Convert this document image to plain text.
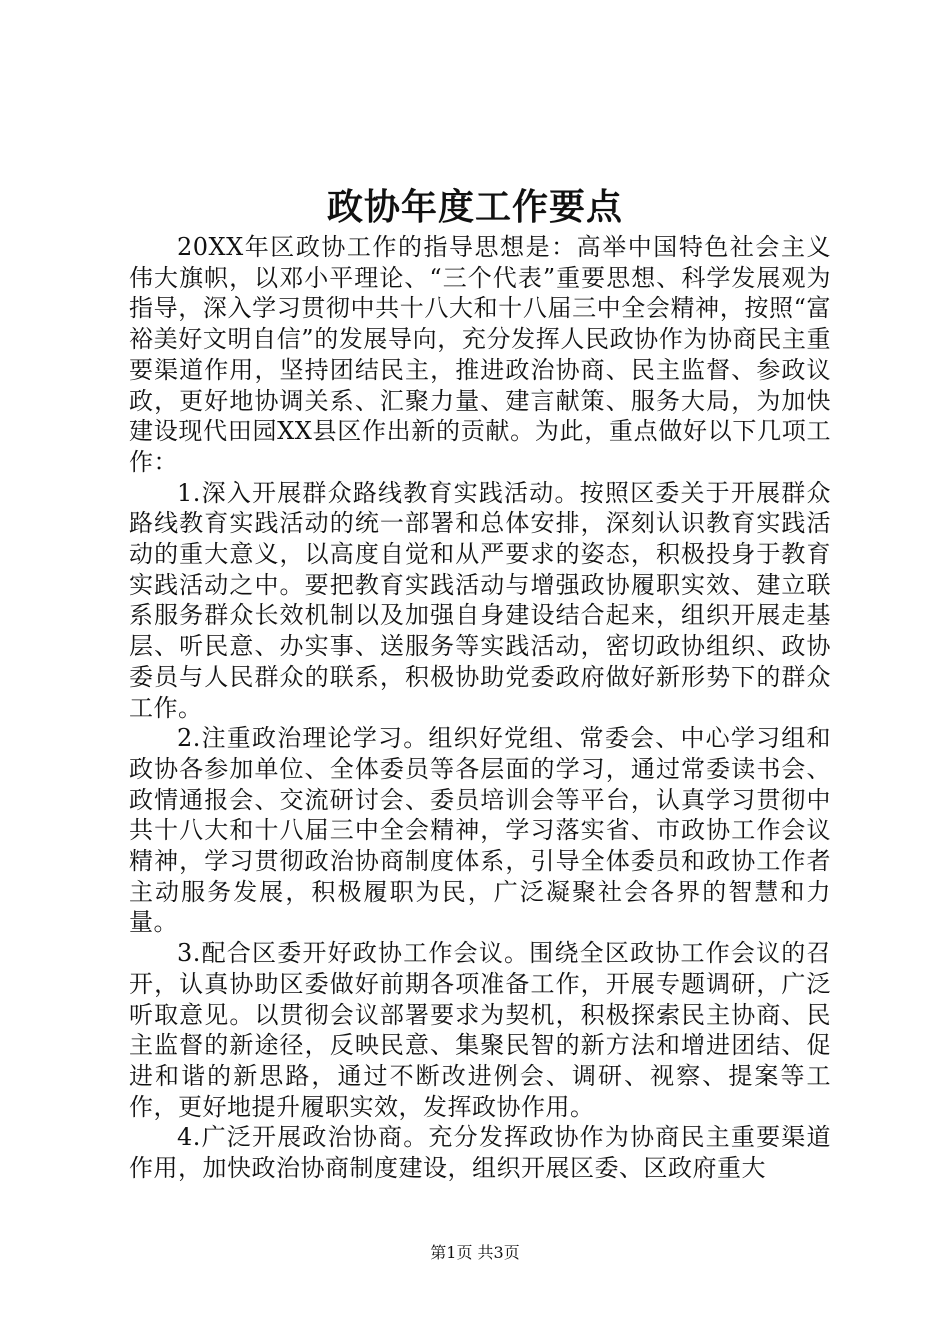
政协年度工作要点

20XX年区政协工作的指导思想是：高举中国特色社会主义伟大旗帜，以邓小平理论、“三个代表”重要思想、科学发展观为指导，深入学习贯彻中共十八大和十八届三中全会精神，按照“富裕美好文明自信”的发展导向，充分发挥人民政协作为协商民主重要渠道作用，坚持团结民主，推进政治协商、民主监督、参政议政，更好地协调关系、汇聚力量、建言献策、服务大局，为加快建设现代田园XX县区作出新的贡献。为此，重点做好以下几项工作：

1.深入开展群众路线教育实践活动。按照区委关于开展群众路线教育实践活动的统一部署和总体安排，深刻认识教育实践活动的重大意义，以高度自觉和从严要求的姿态，积极投身于教育实践活动之中。要把教育实践活动与增强政协履职实效、建立联系服务群众长效机制以及加强自身建设结合起来，组织开展走基层、听民意、办实事、送服务等实践活动，密切政协组织、政协委员与人民群众的联系，积极协助党委政府做好新形势下的群众工作。

2.注重政治理论学习。组织好党组、常委会、中心学习组和政协各参加单位、全体委员等各层面的学习，通过常委读书会、政情通报会、交流研讨会、委员培训会等平台，认真学习贯彻中共十八大和十八届三中全会精神，学习落实省、市政协工作会议精神，学习贯彻政治协商制度体系，引导全体委员和政协工作者主动服务发展，积极履职为民，广泛凝聚社会各界的智慧和力量。

3.配合区委开好政协工作会议。围绕全区政协工作会议的召开，认真协助区委做好前期各项准备工作，开展专题调研，广泛听取意见。以贯彻会议部署要求为契机，积极探索民主协商、民主监督的新途径，反映民意、集聚民智的新方法和增进团结、促进和谐的新思路，通过不断改进例会、调研、视察、提案等工作，更好地提升履职实效，发挥政协作用。

4.广泛开展政治协商。充分发挥政协作为协商民主重要渠道作用，加快政治协商制度建设，组织开展区委、区政府重大

第1页 共3页
